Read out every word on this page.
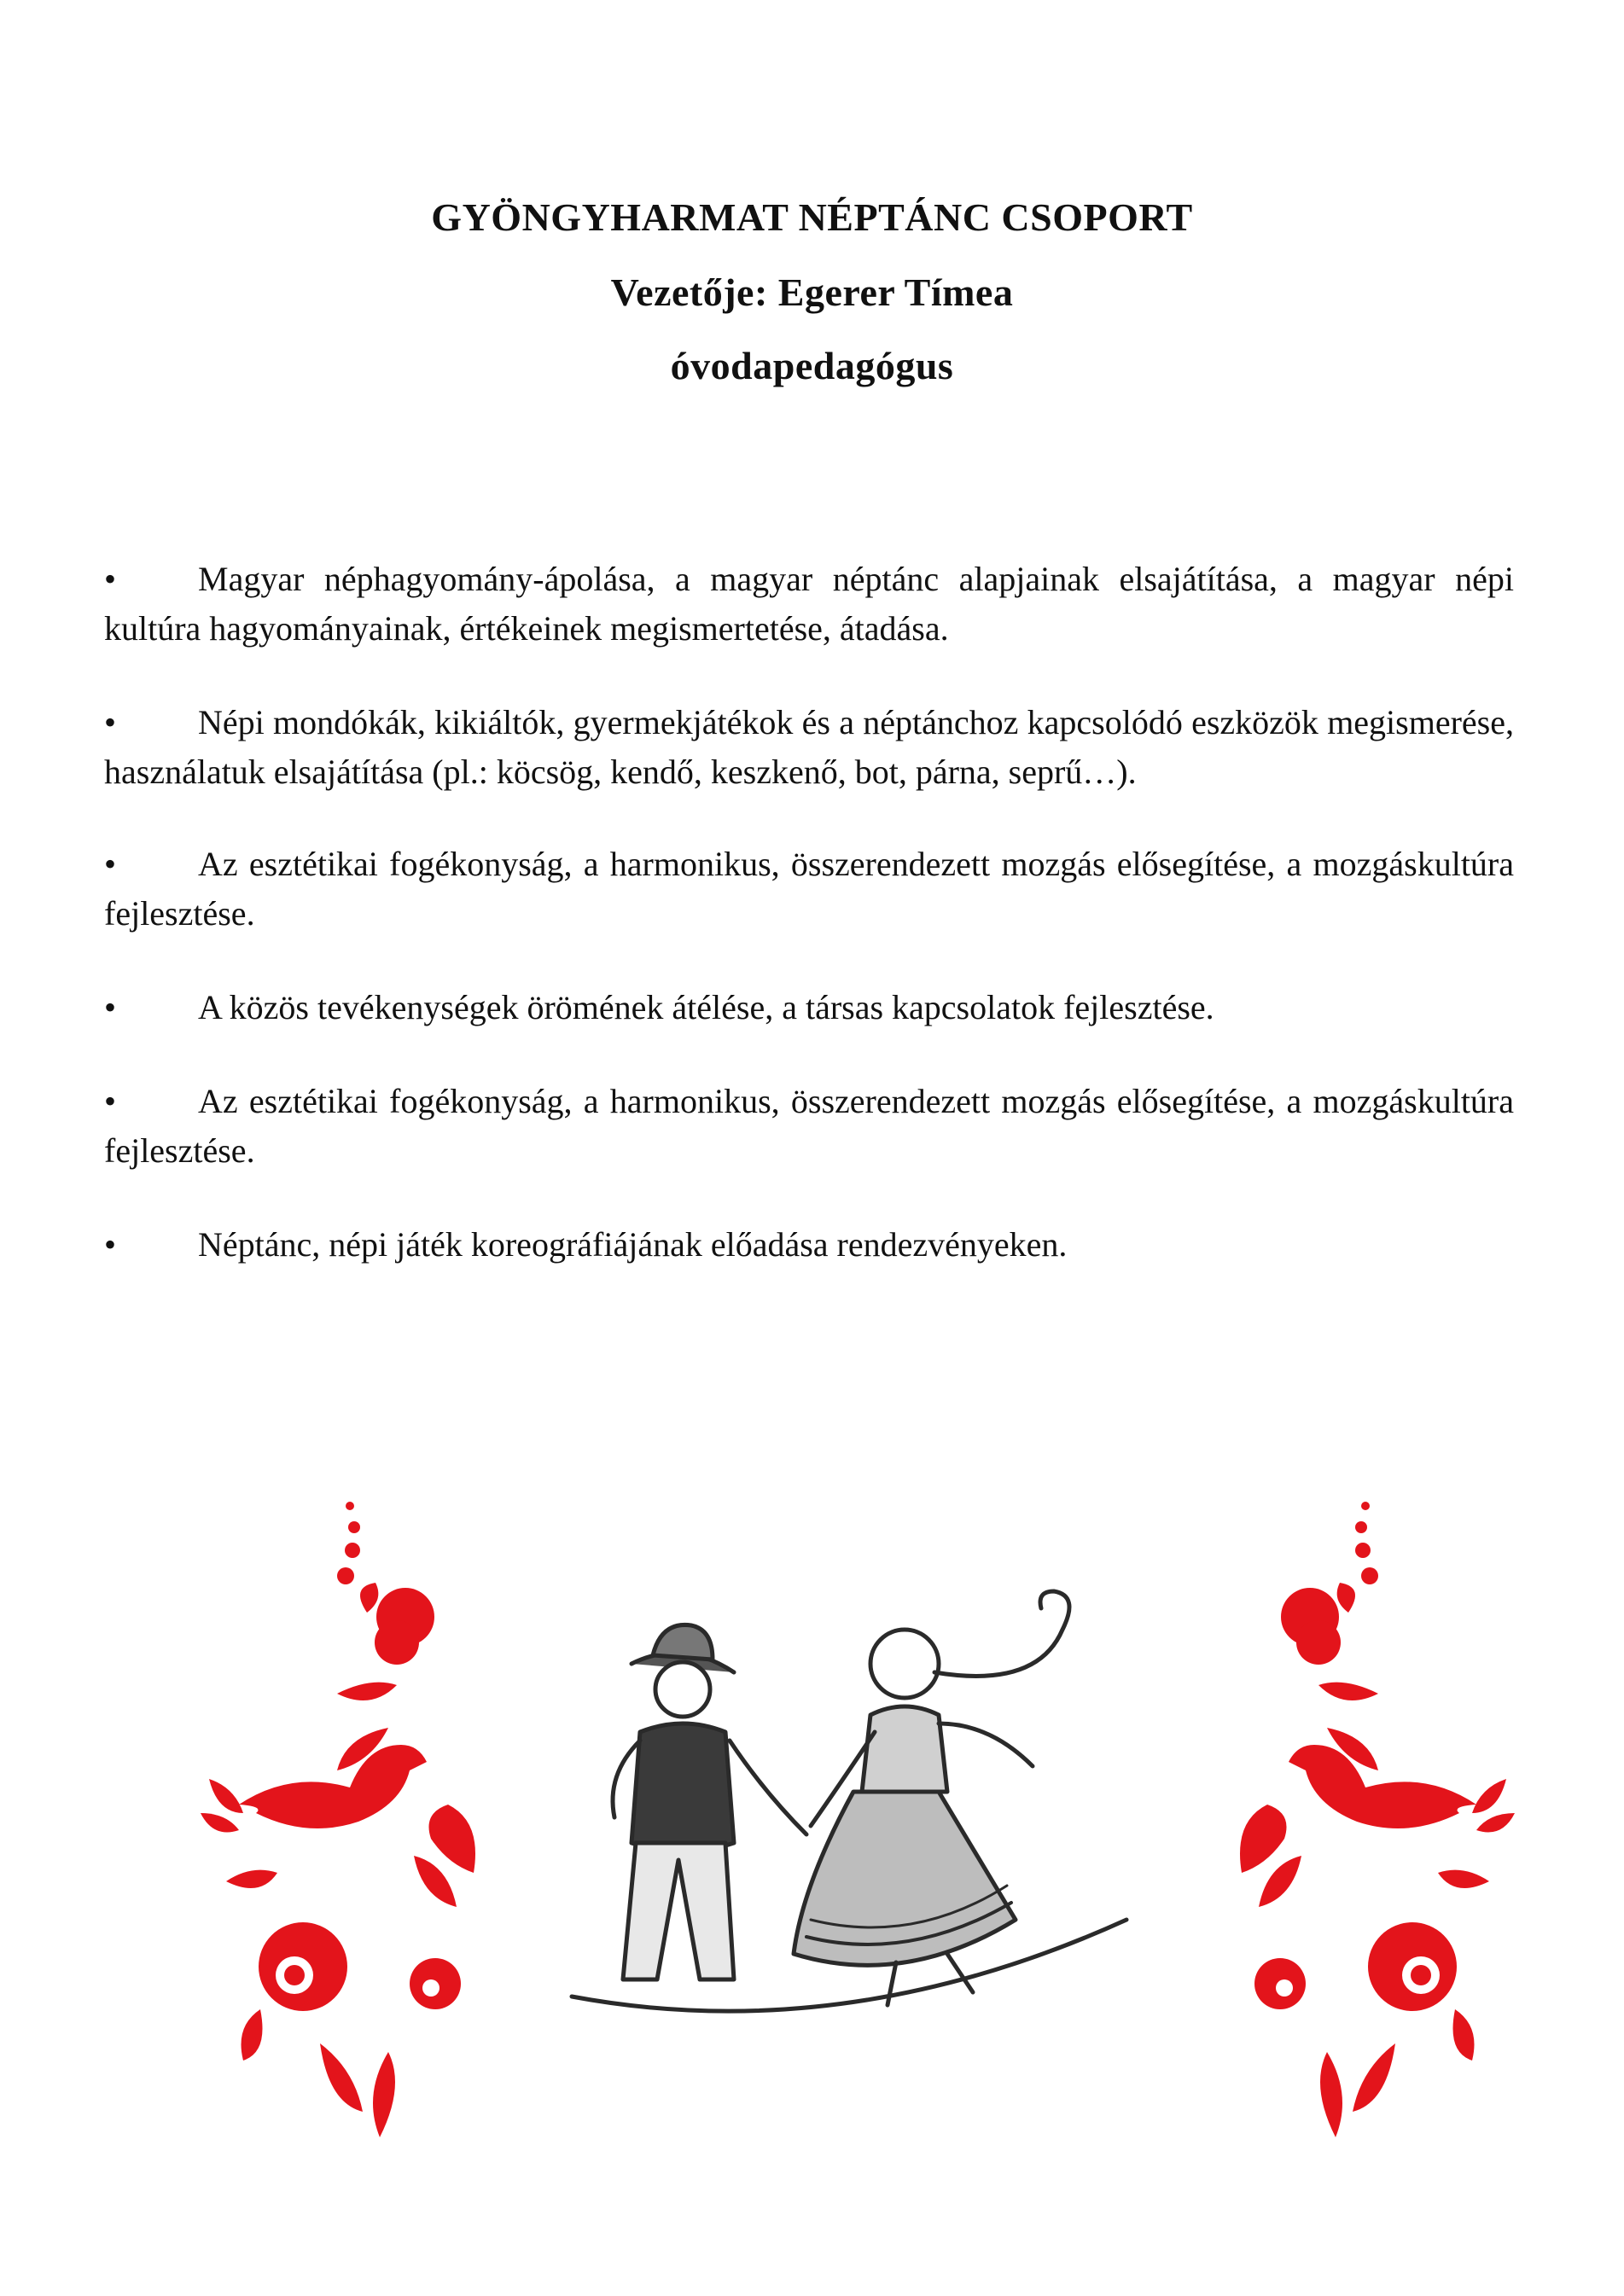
GYÖNGYHARMAT NÉPTÁNC CSOPORT
Vezetője: Egerer Tímea
óvodapedagógus

• Magyar néphagyomány-ápolása, a magyar néptánc alapjainak elsajátítása, a magyar népi kultúra hagyományainak, értékeinek megismertetése, átadása.

• Népi mondókák, kikiáltók, gyermekjátékok és a néptánchoz kapcsolódó eszközök megismerése, használatuk elsajátítása (pl.: köcsög, kendő, keszkenő, bot, párna, seprű…).

• Az esztétikai fogékonyság, a harmonikus, összerendezett mozgás elősegítése, a mozgáskultúra fejlesztése.

• A közös tevékenységek örömének átélése, a társas kapcsolatok fejlesztése.

• Az esztétikai fogékonyság, a harmonikus, összerendezett mozgás elősegítése, a mozgáskultúra fejlesztése.

• Néptánc, népi játék koreográfiájának előadása rendezvényeken.
